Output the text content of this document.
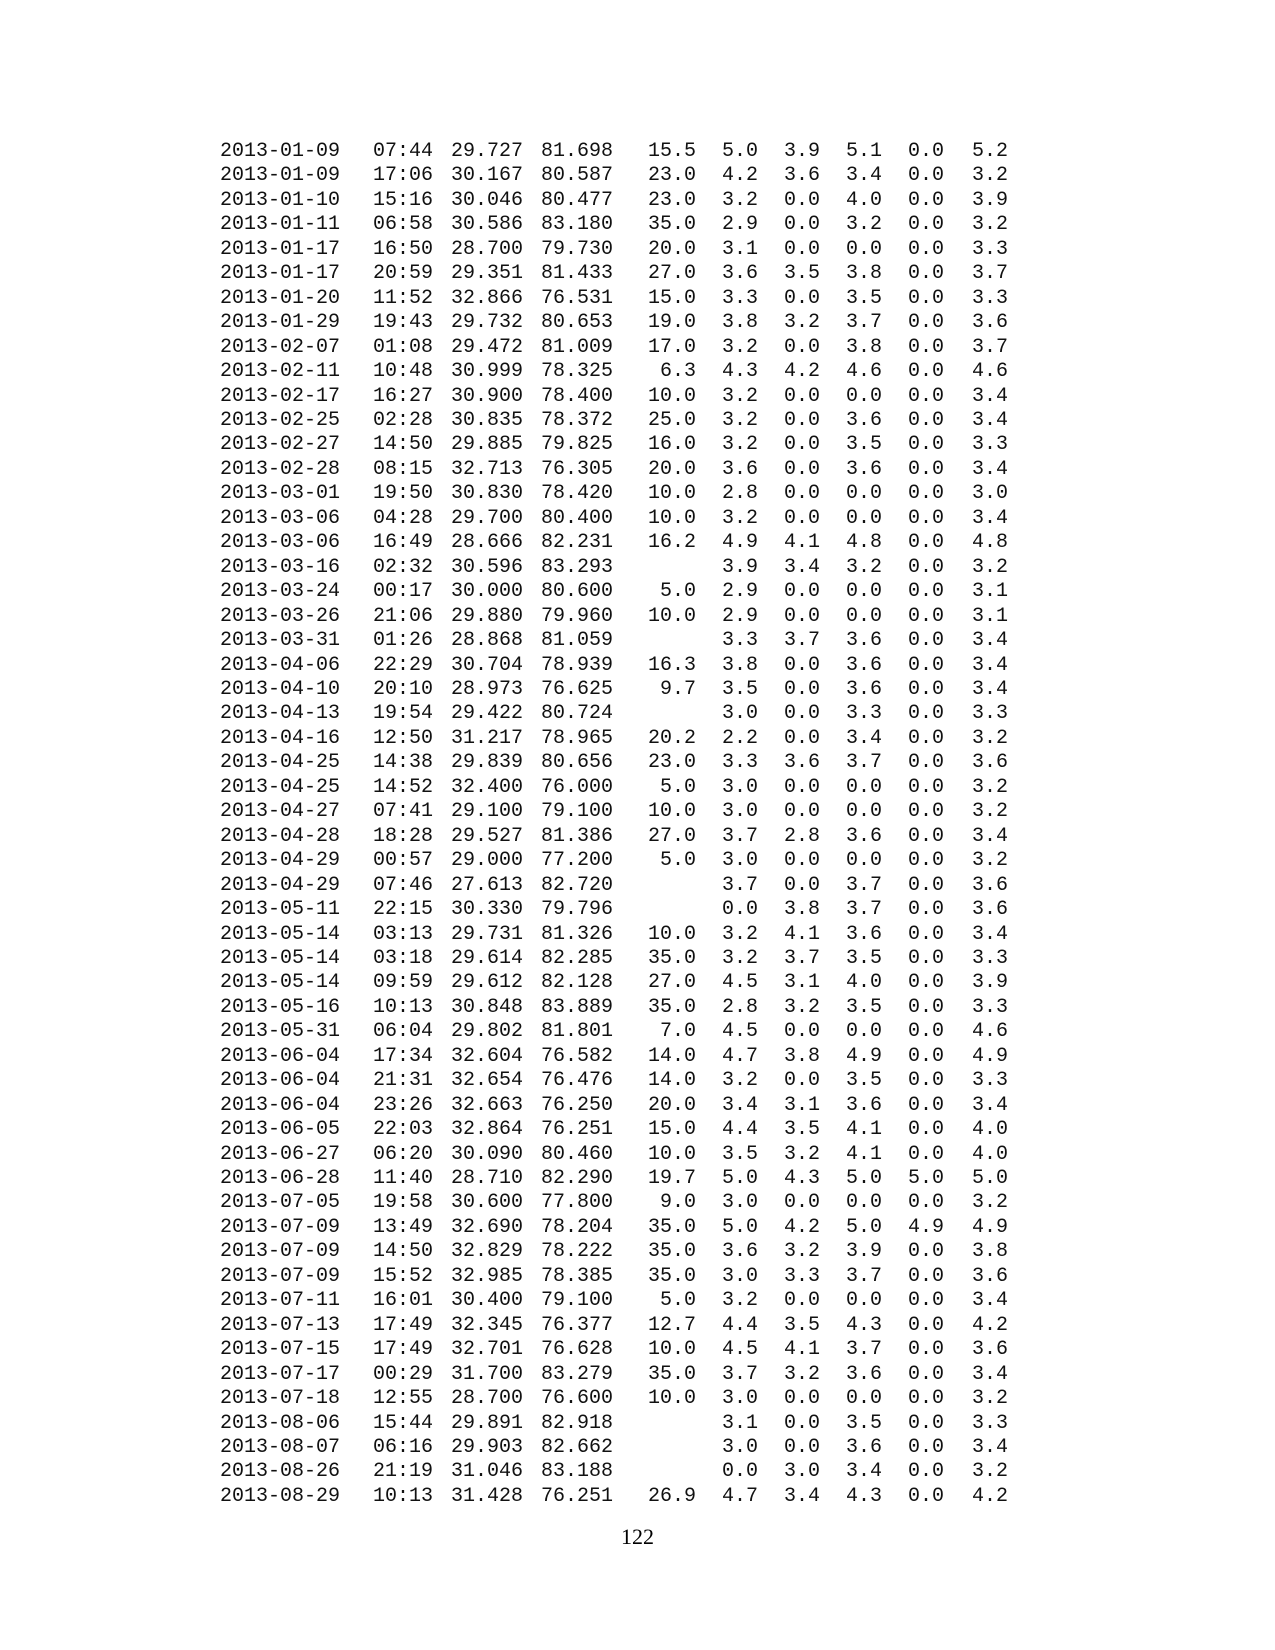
2013-01-09	07:44	29.727	81.698	15.5	5.0	3.9	5.1	0.0	5.2
2013-01-09	17:06	30.167	80.587	23.0	4.2	3.6	3.4	0.0	3.2
2013-01-10	15:16	30.046	80.477	23.0	3.2	0.0	4.0	0.0	3.9
2013-01-11	06:58	30.586	83.180	35.0	2.9	0.0	3.2	0.0	3.2
2013-01-17	16:50	28.700	79.730	20.0	3.1	0.0	0.0	0.0	3.3
2013-01-17	20:59	29.351	81.433	27.0	3.6	3.5	3.8	0.0	3.7
2013-01-20	11:52	32.866	76.531	15.0	3.3	0.0	3.5	0.0	3.3
2013-01-29	19:43	29.732	80.653	19.0	3.8	3.2	3.7	0.0	3.6
2013-02-07	01:08	29.472	81.009	17.0	3.2	0.0	3.8	0.0	3.7
2013-02-11	10:48	30.999	78.325	6.3	4.3	4.2	4.6	0.0	4.6
2013-02-17	16:27	30.900	78.400	10.0	3.2	0.0	0.0	0.0	3.4
2013-02-25	02:28	30.835	78.372	25.0	3.2	0.0	3.6	0.0	3.4
2013-02-27	14:50	29.885	79.825	16.0	3.2	0.0	3.5	0.0	3.3
2013-02-28	08:15	32.713	76.305	20.0	3.6	0.0	3.6	0.0	3.4
2013-03-01	19:50	30.830	78.420	10.0	2.8	0.0	0.0	0.0	3.0
2013-03-06	04:28	29.700	80.400	10.0	3.2	0.0	0.0	0.0	3.4
2013-03-06	16:49	28.666	82.231	16.2	4.9	4.1	4.8	0.0	4.8
2013-03-16	02:32	30.596	83.293		3.9	3.4	3.2	0.0	3.2
2013-03-24	00:17	30.000	80.600	5.0	2.9	0.0	0.0	0.0	3.1
2013-03-26	21:06	29.880	79.960	10.0	2.9	0.0	0.0	0.0	3.1
2013-03-31	01:26	28.868	81.059		3.3	3.7	3.6	0.0	3.4
2013-04-06	22:29	30.704	78.939	16.3	3.8	0.0	3.6	0.0	3.4
2013-04-10	20:10	28.973	76.625	9.7	3.5	0.0	3.6	0.0	3.4
2013-04-13	19:54	29.422	80.724		3.0	0.0	3.3	0.0	3.3
2013-04-16	12:50	31.217	78.965	20.2	2.2	0.0	3.4	0.0	3.2
2013-04-25	14:38	29.839	80.656	23.0	3.3	3.6	3.7	0.0	3.6
2013-04-25	14:52	32.400	76.000	5.0	3.0	0.0	0.0	0.0	3.2
2013-04-27	07:41	29.100	79.100	10.0	3.0	0.0	0.0	0.0	3.2
2013-04-28	18:28	29.527	81.386	27.0	3.7	2.8	3.6	0.0	3.4
2013-04-29	00:57	29.000	77.200	5.0	3.0	0.0	0.0	0.0	3.2
2013-04-29	07:46	27.613	82.720		3.7	0.0	3.7	0.0	3.6
2013-05-11	22:15	30.330	79.796		0.0	3.8	3.7	0.0	3.6
2013-05-14	03:13	29.731	81.326	10.0	3.2	4.1	3.6	0.0	3.4
2013-05-14	03:18	29.614	82.285	35.0	3.2	3.7	3.5	0.0	3.3
2013-05-14	09:59	29.612	82.128	27.0	4.5	3.1	4.0	0.0	3.9
2013-05-16	10:13	30.848	83.889	35.0	2.8	3.2	3.5	0.0	3.3
2013-05-31	06:04	29.802	81.801	7.0	4.5	0.0	0.0	0.0	4.6
2013-06-04	17:34	32.604	76.582	14.0	4.7	3.8	4.9	0.0	4.9
2013-06-04	21:31	32.654	76.476	14.0	3.2	0.0	3.5	0.0	3.3
2013-06-04	23:26	32.663	76.250	20.0	3.4	3.1	3.6	0.0	3.4
2013-06-05	22:03	32.864	76.251	15.0	4.4	3.5	4.1	0.0	4.0
2013-06-27	06:20	30.090	80.460	10.0	3.5	3.2	4.1	0.0	4.0
2013-06-28	11:40	28.710	82.290	19.7	5.0	4.3	5.0	5.0	5.0
2013-07-05	19:58	30.600	77.800	9.0	3.0	0.0	0.0	0.0	3.2
2013-07-09	13:49	32.690	78.204	35.0	5.0	4.2	5.0	4.9	4.9
2013-07-09	14:50	32.829	78.222	35.0	3.6	3.2	3.9	0.0	3.8
2013-07-09	15:52	32.985	78.385	35.0	3.0	3.3	3.7	0.0	3.6
2013-07-11	16:01	30.400	79.100	5.0	3.2	0.0	0.0	0.0	3.4
2013-07-13	17:49	32.345	76.377	12.7	4.4	3.5	4.3	0.0	4.2
2013-07-15	17:49	32.701	76.628	10.0	4.5	4.1	3.7	0.0	3.6
2013-07-17	00:29	31.700	83.279	35.0	3.7	3.2	3.6	0.0	3.4
2013-07-18	12:55	28.700	76.600	10.0	3.0	0.0	0.0	0.0	3.2
2013-08-06	15:44	29.891	82.918		3.1	0.0	3.5	0.0	3.3
2013-08-07	06:16	29.903	82.662		3.0	0.0	3.6	0.0	3.4
2013-08-26	21:19	31.046	83.188		0.0	3.0	3.4	0.0	3.2
2013-08-29	10:13	31.428	76.251	26.9	4.7	3.4	4.3	0.0	4.2
122
